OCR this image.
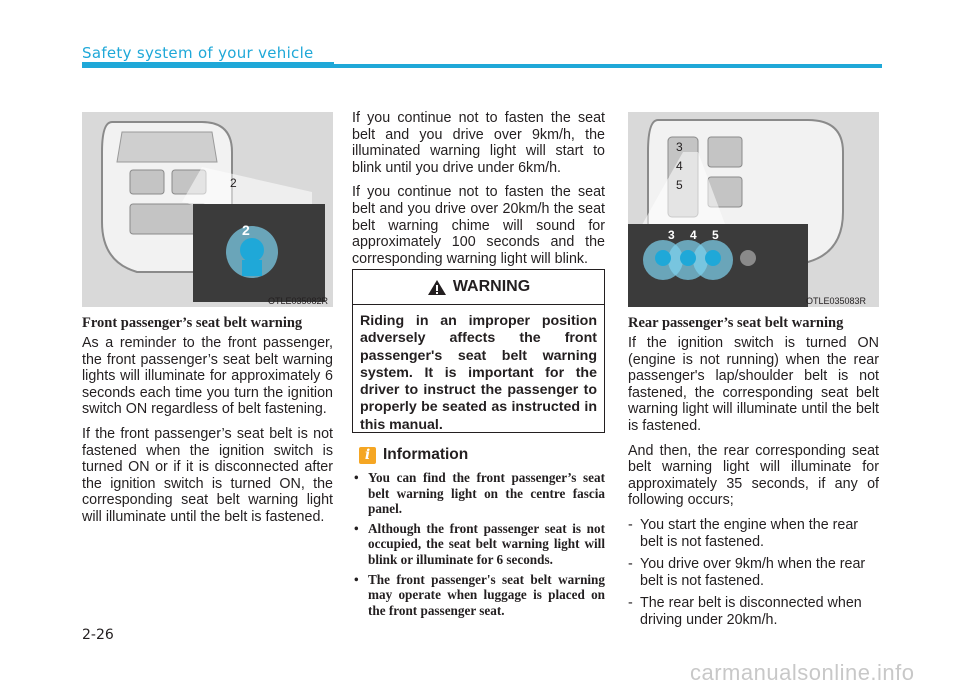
Safety system of your vehicle
2
2
OTLE035082R
Front passenger’s seat belt warning

As a reminder to the front passenger, the front passenger’s seat belt warning lights will illuminate for approximately 6 seconds each time you turn the ignition switch ON regardless of belt fastening.

If the front passenger’s seat belt is not fastened when the ignition switch is turned ON or if it is disconnected after the ignition switch is turned ON, the corresponding seat belt warning light will illuminate until the belt is fastened.

If you continue not to fasten the seat belt and you drive over 9km/h, the illuminated warning light will start to blink until you drive under 6km/h.

If you continue not to fasten the seat belt and you drive over 20km/h the seat belt warning chime will sound for approximately 100 seconds and the corresponding warning light will blink.

WARNING
Riding in an improper position adversely affects the front passenger's seat belt warning system. It is important for the driver to instruct the passenger to properly be seated as instructed in this manual.
i Information
• You can find the front passenger’s seat belt warning light on the centre fascia panel.
• Although the front passenger seat is not occupied, the seat belt warning light will blink or illuminate for 6 seconds.
• The front passenger's seat belt warning may operate when luggage is placed on the front passenger seat.
3
4
5
3 4 5
OTLE035083R
Rear passenger’s seat belt warning

If the ignition switch is turned ON (engine is not running) when the rear passenger's lap/shoulder belt is not fastened, the corresponding seat belt warning light will illuminate until the belt is fastened.

And then, the rear corresponding seat belt warning light will illuminate for approximately 35 seconds, if any of following occurs;

- You start the engine when the rear belt is not fastened.
- You drive over 9km/h when the rear belt is not fastened.
- The rear belt is disconnected when driving under 20km/h.
2-26
carmanualsonline.info
